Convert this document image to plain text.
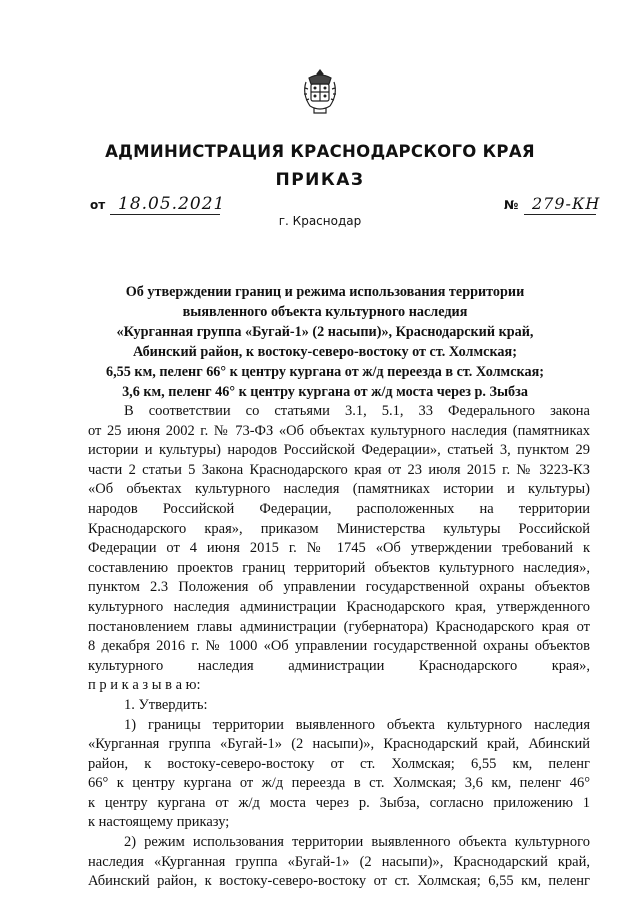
АДМИНИСТРАЦИЯ КРАСНОДАРСКОГО КРАЯ
ПРИКАЗ
от 18.05.2021	№ 279-КН
г. Краснодар
Об утверждении границ и режима использования территории
выявленного объекта культурного наследия
«Курганная группа «Бугай-1» (2 насыпи)», Краснодарский край,
Абинский район, к востоку-северо-востоку от ст. Холмская;
6,55 км, пеленг 66° к центру кургана от ж/д переезда в ст. Холмская;
3,6 км, пеленг 46° к центру кургана от ж/д моста через р. Зыбза
В соответствии со статьями 3.1, 5.1, 33 Федерального закона
от 25 июня 2002 г. № 73-ФЗ «Об объектах культурного наследия (памятниках
истории и культуры) народов Российской Федерации», статьей 3, пунктом 29
части 2 статьи 5 Закона Краснодарского края от 23 июля 2015 г. № 3223-КЗ
«Об объектах культурного наследия (памятниках истории и культуры)
народов Российской Федерации, расположенных на территории
Краснодарского края», приказом Министерства культуры Российской
Федерации от 4 июня 2015 г. № 1745 «Об утверждении требований к
составлению проектов границ территорий объектов культурного наследия»,
пунктом 2.3 Положения об управлении государственной охраны объектов
культурного наследия администрации Краснодарского края, утвержденного
постановлением главы администрации (губернатора) Краснодарского края от
8 декабря 2016 г. № 1000 «Об управлении государственной охраны объектов
культурного наследия администрации Краснодарского края»,
п р и к а з ы в а ю:
1. Утвердить:
1) границы территории выявленного объекта культурного наследия
«Курганная группа «Бугай-1» (2 насыпи)», Краснодарский край, Абинский
район, к востоку-северо-востоку от ст. Холмская; 6,55 км, пеленг
66° к центру кургана от ж/д переезда в ст. Холмская; 3,6 км, пеленг 46°
к центру кургана от ж/д моста через р. Зыбза, согласно приложению 1
к настоящему приказу;
2) режим использования территории выявленного объекта культурного
наследия «Курганная группа «Бугай-1» (2 насыпи)», Краснодарский край,
Абинский район, к востоку-северо-востоку от ст. Холмская; 6,55 км, пеленг
